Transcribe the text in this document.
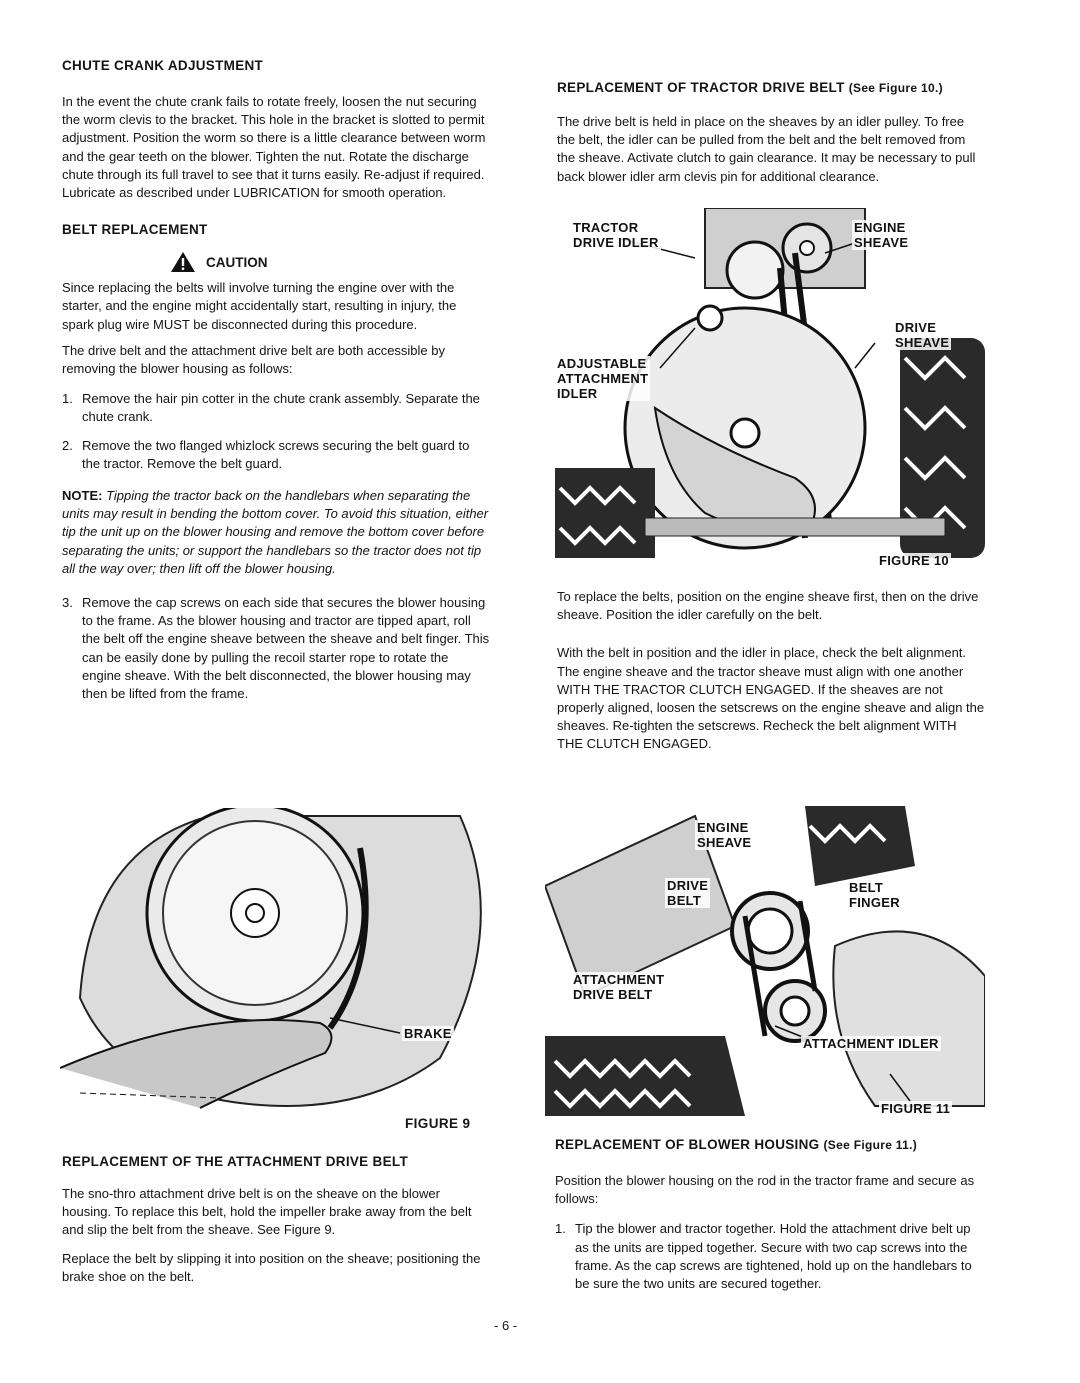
CHUTE CRANK ADJUSTMENT

In the event the chute crank fails to rotate freely, loosen the nut securing the worm clevis to the bracket. This hole in the bracket is slotted to permit adjustment. Position the worm so there is a little clearance between worm and the gear teeth on the blower. Tighten the nut. Rotate the discharge chute through its full travel to see that it turns easily. Re-adjust if required. Lubricate as described under LUBRICATION for smooth operation.

BELT REPLACEMENT
CAUTION

Since replacing the belts will involve turning the engine over with the starter, and the engine might accidentally start, resulting in injury, the spark plug wire MUST be disconnected during this procedure.

The drive belt and the attachment drive belt are both accessible by removing the blower housing as follows:

1. Remove the hair pin cotter in the chute crank assembly. Separate the chute crank.
2. Remove the two flanged whizlock screws securing the belt guard to the tractor. Remove the belt guard.

NOTE: Tipping the tractor back on the handlebars when separating the units may result in bending the bottom cover. To avoid this situation, either tip the unit up on the blower housing and remove the bottom cover before separating the units; or support the handlebars so the tractor does not tip all the way over; then lift off the blower housing.

3. Remove the cap screws on each side that secures the blower housing to the frame. As the blower housing and tractor are tipped apart, roll the belt off the engine sheave between the sheave and belt finger. This can be easily done by pulling the recoil starter rope to rotate the engine sheave. With the belt disconnected, the blower housing may then be lifted from the frame.
BRAKE
FIGURE 9
REPLACEMENT OF THE ATTACHMENT DRIVE BELT

The sno-thro attachment drive belt is on the sheave on the blower housing. To replace this belt, hold the impeller brake away from the belt and slip the belt from the sheave. See Figure 9.

Replace the belt by slipping it into position on the sheave; positioning the brake shoe on the belt.

REPLACEMENT OF TRACTOR DRIVE BELT (See Figure 10.)

The drive belt is held in place on the sheaves by an idler pulley. To free the belt, the idler can be pulled from the belt and the belt removed from the sheave. Activate clutch to gain clearance. It may be necessary to pull back blower idler arm clevis pin for additional clearance.

TRACTOR
DRIVE IDLER
ENGINE
SHEAVE
DRIVE
SHEAVE
ADJUSTABLE
ATTACHMENT
IDLER
FIGURE 10

To replace the belts, position on the engine sheave first, then on the drive sheave. Position the idler carefully on the belt.

With the belt in position and the idler in place, check the belt alignment. The engine sheave and the tractor sheave must align with one another WITH THE TRACTOR CLUTCH ENGAGED. If the sheaves are not properly aligned, loosen the setscrews on the engine sheave and align the sheaves. Re-tighten the setscrews. Recheck the belt alignment WITH THE CLUTCH ENGAGED.

ENGINE
SHEAVE
DRIVE
BELT
BELT
FINGER
ATTACHMENT
DRIVE BELT
ATTACHMENT IDLER
FIGURE 11
REPLACEMENT OF BLOWER HOUSING (See Figure 11.)

Position the blower housing on the rod in the tractor frame and secure as follows:

1. Tip the blower and tractor together. Hold the attachment drive belt up as the units are tipped together. Secure with two cap screws into the frame. As the cap screws are tightened, hold up on the handlebars to be sure the two units are secured together.
- 6 -
